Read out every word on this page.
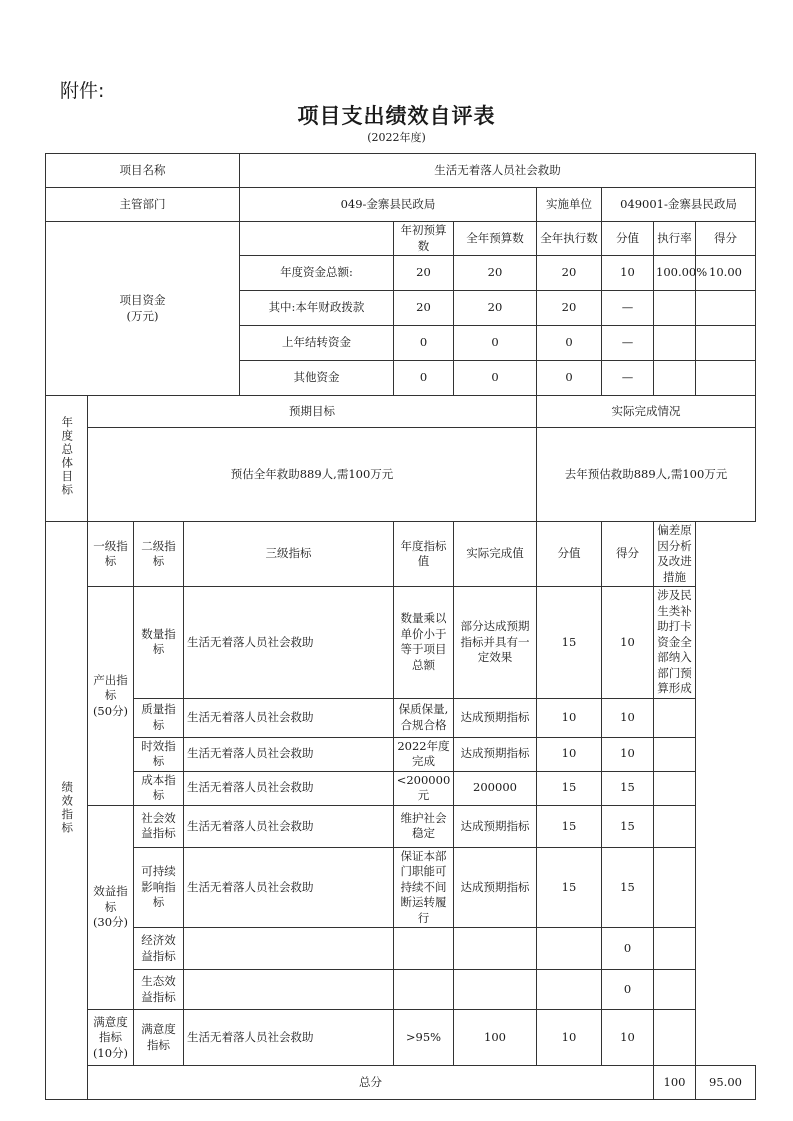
附件:
项目支出绩效自评表
(2022年度)
项目名称				生活无着落人员社会救助							
主管部门				049-金寨县民政局			实施单位	049001-金寨县民政局			
项目资金
(万元)					年初预算数	全年预算数	全年执行数	分值	执行率	得分	
				年度资金总额:	20	20	20	10	100.00%	10.00	
				其中:本年财政拨款	20	20	20	—			
				上年结转资金	0	0	0	—			
				其他资金	0	0	0	—			
年度总体目标	预期目标						实际完成情况				
	预估全年救助889人,需100万元						去年预估救助889人,需100万元				
绩效指标	一级指标	二级指标	三级指标		年度指标值	实际完成值	分值	得分	偏差原因分析及改进措施		
	产出指标
(50分)	数量指标	生活无着落人员社会救助		数量乘以单价小于等于项目总额	部分达成预期指标并具有一定效果	15	10	涉及民生类补助打卡资金全部纳入部门预算形成		
		质量指标	生活无着落人员社会救助		保质保量,合规合格	达成预期指标	10	10			
		时效指标	生活无着落人员社会救助		2022年度完成	达成预期指标	10	10			
		成本指标	生活无着落人员社会救助		<200000元	200000	15	15			
	效益指标
(30分)	社会效益指标	生活无着落人员社会救助		维护社会稳定	达成预期指标	15	15			
		可持续影响指标	生活无着落人员社会救助		保证本部门职能可持续不间断运转履行	达成预期指标	15	15			
		经济效益指标						0			
		生态效益指标						0			
	满意度指标(10分)	满意度指标	生活无着落人员社会救助		>95%	100	10	10			
	总分								100	95.00	
